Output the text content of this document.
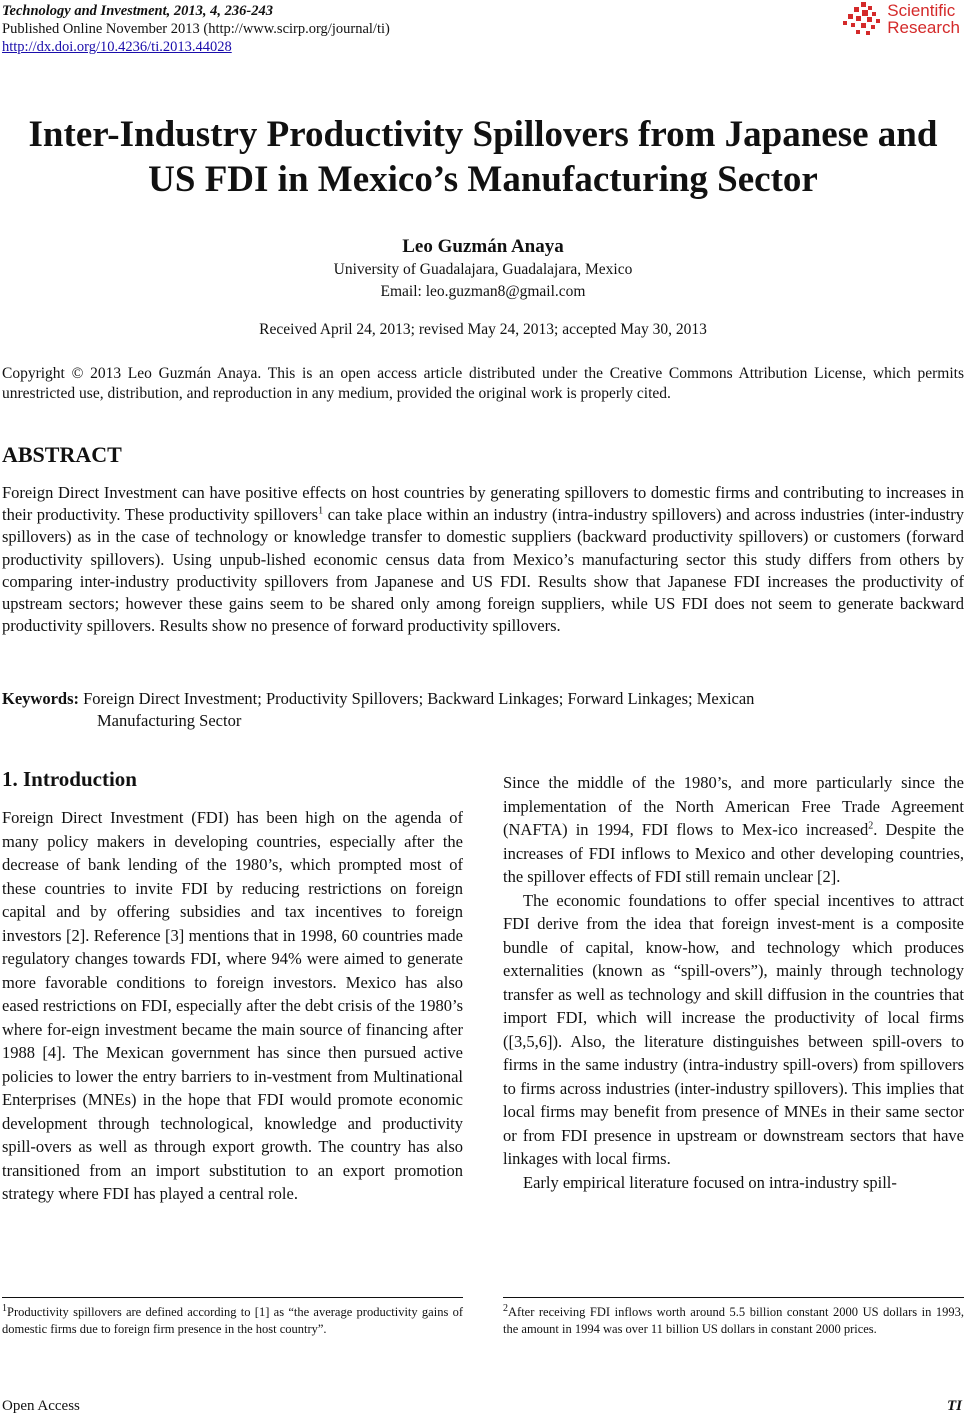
Technology and Investment, 2013, 4, 236-243
Published Online November 2013 (http://www.scirp.org/journal/ti)
http://dx.doi.org/10.4236/ti.2013.44028
Scientific
Research
Inter-Industry Productivity Spillovers from Japanese and
US FDI in Mexico’s Manufacturing Sector
Leo Guzmán Anaya
University of Guadalajara, Guadalajara, Mexico
Email: leo.guzman8@gmail.com
Received April 24, 2013; revised May 24, 2013; accepted May 30, 2013
Copyright © 2013 Leo Guzmán Anaya. This is an open access article distributed under the Creative Commons Attribution License, which permits unrestricted use, distribution, and reproduction in any medium, provided the original work is properly cited.
ABSTRACT
Foreign Direct Investment can have positive effects on host countries by generating spillovers to domestic firms and contributing to increases in their productivity. These productivity spillovers$^1$ can take place within an industry (intra-industry spillovers) and across industries (inter-industry spillovers) as in the case of technology or knowledge transfer to domestic suppliers (backward productivity spillovers) or customers (forward productivity spillovers). Using unpub-lished economic census data from Mexico’s manufacturing sector this study differs from others by comparing inter-industry productivity spillovers from Japanese and US FDI. Results show that Japanese FDI increases the productivity of upstream sectors; however these gains seem to be shared only among foreign suppliers, while US FDI does not seem to generate backward productivity spillovers. Results show no presence of forward productivity spillovers.
Keywords: Foreign Direct Investment; Productivity Spillovers; Backward Linkages; Forward Linkages; Mexican
Manufacturing Sector
1. Introduction

Foreign Direct Investment (FDI) has been high on the agenda of many policy makers in developing countries, especially after the decrease of bank lending of the 1980’s, which prompted most of these countries to invite FDI by reducing restrictions on foreign capital and by offering subsidies and tax incentives to foreign investors [2]. Reference [3] mentions that in 1998, 60 countries made regulatory changes towards FDI, where 94% were aimed to generate more favorable conditions to foreign investors. Mexico has also eased restrictions on FDI, especially after the debt crisis of the 1980’s where for-eign investment became the main source of financing after 1988 [4]. The Mexican government has since then pursued active policies to lower the entry barriers to in-vestment from Multinational Enterprises (MNEs) in the hope that FDI would promote economic development through technological, knowledge and productivity spill-overs as well as through export growth. The country has also transitioned from an import substitution to an export promotion strategy where FDI has played a central role.

Since the middle of the 1980’s, and more particularly since the implementation of the North American Free Trade Agreement (NAFTA) in 1994, FDI flows to Mex-ico increased$^2$. Despite the increases of FDI inflows to Mexico and other developing countries, the spillover effects of FDI still remain unclear [2].

The economic foundations to offer special incentives to attract FDI derive from the idea that foreign invest-ment is a composite bundle of capital, know-how, and technology which produces externalities (known as “spill-overs”), mainly through technology transfer as well as technology and skill diffusion in the countries that import FDI, which will increase the productivity of local firms ([3,5,6]). Also, the literature distinguishes between spill-overs to firms in the same industry (intra-industry spill-overs) from spillovers to firms across industries (inter-industry spillovers). This implies that local firms may benefit from presence of MNEs in their same sector or from FDI presence in upstream or downstream sectors that have linkages with local firms.

Early empirical literature focused on intra-industry spill-

$^1$Productivity spillovers are defined according to [1] as “the average productivity gains of domestic firms due to foreign firm presence in the host country”.
$^2$After receiving FDI inflows worth around 5.5 billion constant 2000 US dollars in 1993, the amount in 1994 was over 11 billion US dollars in constant 2000 prices.
Open Access	TI
